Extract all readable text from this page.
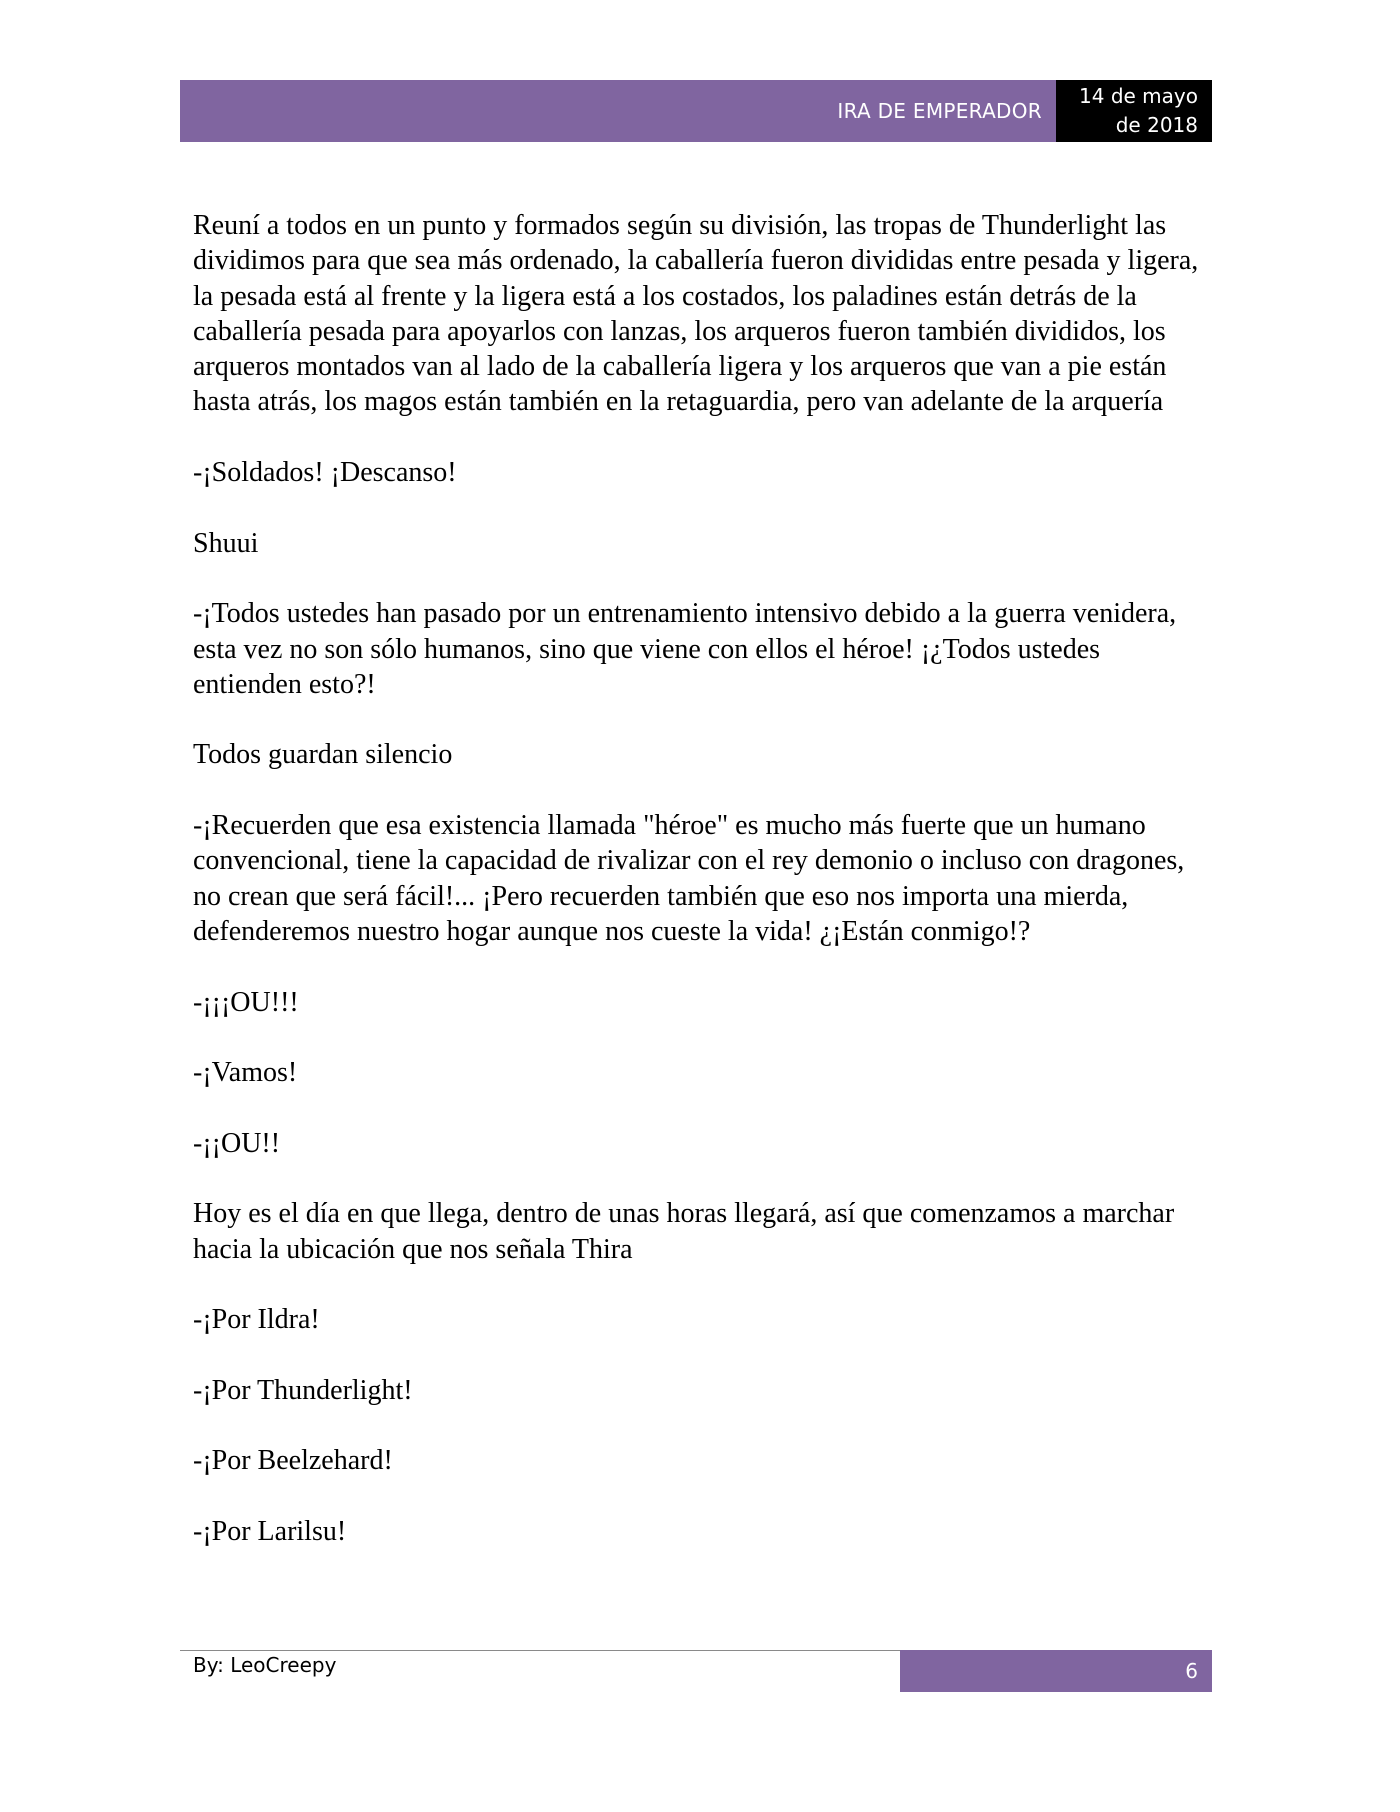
IRA DE EMPERADOR
14 de mayo
de 2018

Reuní a todos en un punto y formados según su división, las tropas de Thunderlight las dividimos para que sea más ordenado, la caballería fueron divididas entre pesada y ligera, la pesada está al frente y la ligera está a los costados, los paladines están detrás de la caballería pesada para apoyarlos con lanzas, los arqueros fueron también divididos, los arqueros montados van al lado de la caballería ligera y los arqueros que van a pie están hasta atrás, los magos están también en la retaguardia, pero van adelante de la arquería

-¡Soldados! ¡Descanso!

Shuui

-¡Todos ustedes han pasado por un entrenamiento intensivo debido a la guerra venidera, esta vez no son sólo humanos, sino que viene con ellos el héroe! ¡¿Todos ustedes entienden esto?!

Todos guardan silencio

-¡Recuerden que esa existencia llamada "héroe" es mucho más fuerte que un humano convencional, tiene la capacidad de rivalizar con el rey demonio o incluso con dragones, no crean que será fácil!... ¡Pero recuerden también que eso nos importa una mierda, defenderemos nuestro hogar aunque nos cueste la vida! ¿¡Están conmigo!?

-¡¡¡OU!!!

-¡Vamos!

-¡¡OU!!

Hoy es el día en que llega, dentro de unas horas llegará, así que comenzamos a marchar hacia la ubicación que nos señala Thira

-¡Por Ildra!

-¡Por Thunderlight!

-¡Por Beelzehard!

-¡Por Larilsu!

By: LeoCreepy	6
